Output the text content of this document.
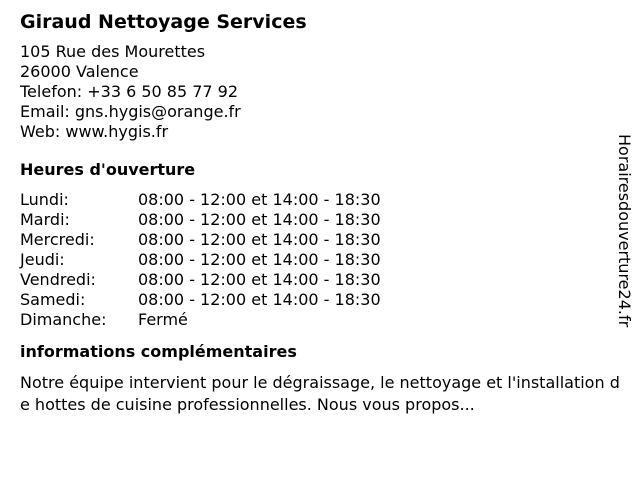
Giraud Nettoyage Services
105 Rue des Mourettes
26000 Valence
Telefon: +33 6 50 85 77 92
Email: gns.hygis@orange.fr
Web: www.hygis.fr
Heures d'ouverture
Lundi:	08:00 - 12:00 et 14:00 - 18:30
Mardi:	08:00 - 12:00 et 14:00 - 18:30
Mercredi:	08:00 - 12:00 et 14:00 - 18:30
Jeudi:	08:00 - 12:00 et 14:00 - 18:30
Vendredi:	08:00 - 12:00 et 14:00 - 18:30
Samedi:	08:00 - 12:00 et 14:00 - 18:30
Dimanche:	Fermé
informations complémentaires
Notre équipe intervient pour le dégraissage, le nettoyage et l'installation de hottes de cuisine professionnelles. Nous vous propos...
Horairesdouverture24.fr
